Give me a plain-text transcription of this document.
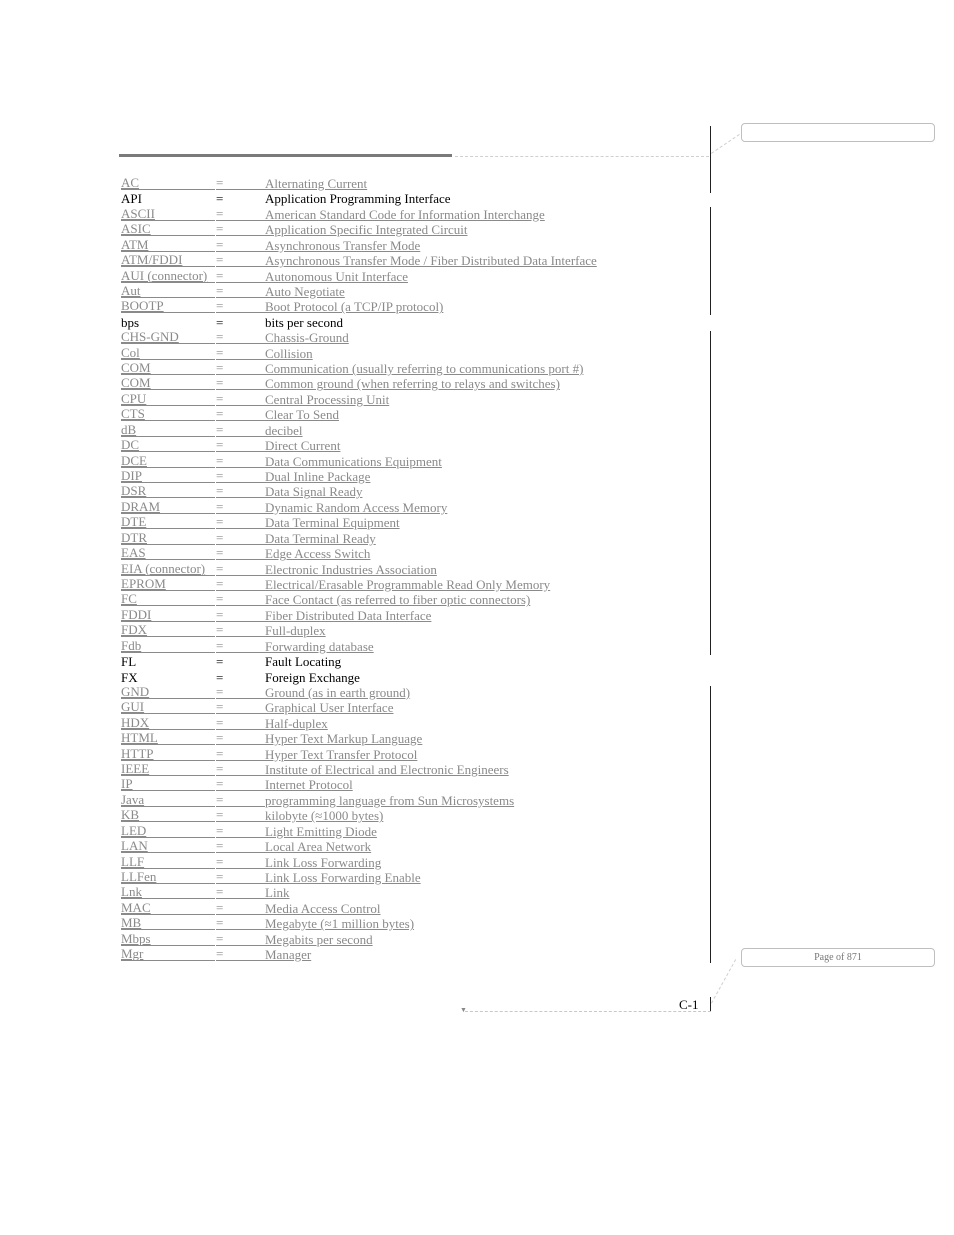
Page of 871
AC	=	Alternating Current
API	=	Application Programming Interface
ASCII	=	American Standard Code for Information Interchange
ASIC	=	Application Specific Integrated Circuit
ATM	=	Asynchronous Transfer Mode
ATM/FDDI	=	Asynchronous Transfer Mode / Fiber Distributed Data Interface
AUI (connector) =	Autonomous Unit Interface
Aut	=	Auto Negotiate
BOOTP	=	Boot Protocol (a TCP/IP protocol)
bps	=	bits per second
CHS-GND	=	Chassis-Ground
Col	=	Collision
COM	=	Communication (usually referring to communications port #)
COM	=	Common ground (when referring to relays and switches)
CPU	=	Central Processing Unit
CTS	=	Clear To Send
dB	=	decibel
DC	=	Direct Current
DCE	=	Data Communications Equipment
DIP	=	Dual Inline Package
DSR	=	Data Signal Ready
DRAM	=	Dynamic Random Access Memory
DTE	=	Data Terminal Equipment
DTR	=	Data Terminal Ready
EAS	=	Edge Access Switch
EIA (connector) =	Electronic Industries Association
EPROM	=	Electrical/Erasable Programmable Read Only Memory
FC	=	Face Contact (as referred to fiber optic connectors)
FDDI	=	Fiber Distributed Data Interface
FDX	=	Full-duplex
Fdb	=	Forwarding database
FL	=	Fault Locating
FX	=	Foreign Exchange
GND	=	Ground (as in earth ground)
GUI	=	Graphical User Interface
HDX	=	Half-duplex
HTML	=	Hyper Text Markup Language
HTTP	=	Hyper Text Transfer Protocol
IEEE	=	Institute of Electrical and Electronic Engineers
IP	=	Internet Protocol
Java	=	programming language from Sun Microsystems
KB	=	kilobyte (≈1000 bytes)
LED	=	Light Emitting Diode
LAN	=	Local Area Network
LLF	=	Link Loss Forwarding
LLFen	=	Link Loss Forwarding Enable
Lnk	=	Link
MAC	=	Media Access Control
MB	=	Megabyte (≈1 million bytes)
Mbps	=	Megabits per second
Mgr	=	Manager
C-1
▼
